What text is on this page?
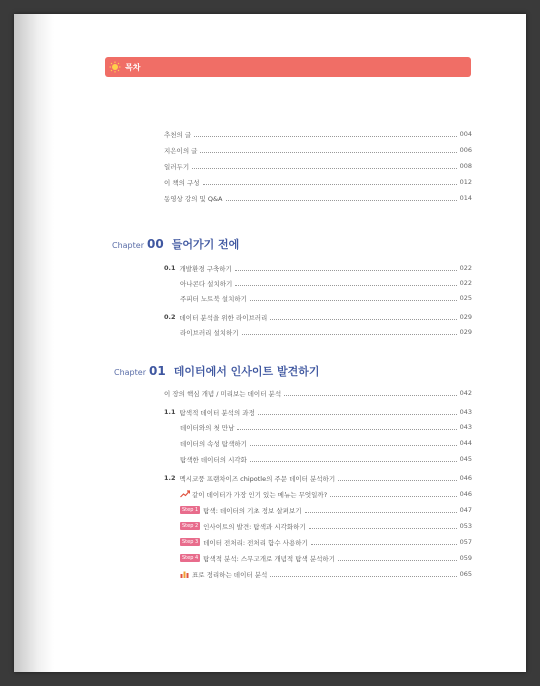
목차
추천의 글	004
지은이의 글	006
일러두기	008
이 책의 구성	012
동영상 강의 및 Q&A	014
Chapter 00 들어가기 전에
0.1 개발환경 구축하기	022
아나콘다 설치하기	022
주피터 노트북 설치하기	025
0.2 데이터 분석을 위한 라이브러리	029
라이브러리 설치하기	029
Chapter 01 데이터에서 인사이트 발견하기
이 장의 핵심 개념 / 미리보는 데이터 분석	042
1.1 탐색적 데이터 분석의 과정	043
데이터와의 첫 만남	043
데이터의 속성 탐색하기	044
탐색한 데이터의 시각화	045
1.2 멕시코풍 프랜차이즈 chipotle의 주문 데이터 분석하기	046
같이 데이터가 가장 인기 있는 메뉴는 무엇일까?	046
Step 1 탐색: 데이터의 기초 정보 살펴보기	047
Step 2 인사이트의 발견: 탐색과 시각화하기	053
Step 3 데이터 전처리: 전처리 함수 사용하기	057
Step 4 탐색적 분석: 스무고개로 개념적 탐색 분석하기	059
표로 정리하는 데이터 분석	065
